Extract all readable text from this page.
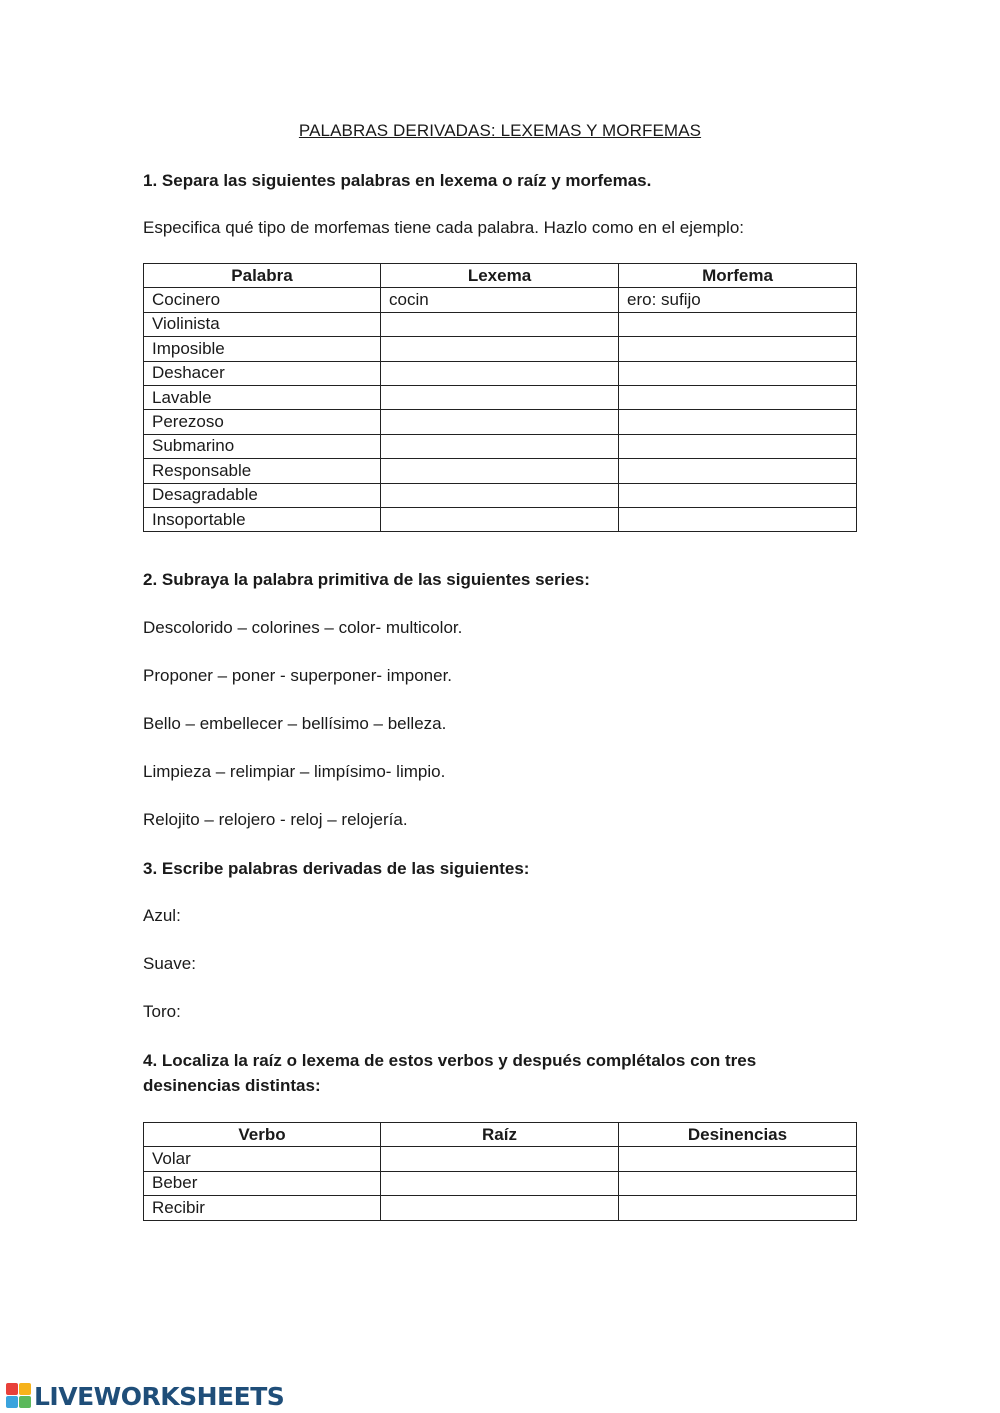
PALABRAS DERIVADAS: LEXEMAS Y MORFEMAS
1. Separa las siguientes palabras en lexema o raíz y morfemas.
Especifica qué tipo de morfemas tiene cada palabra. Hazlo como en el ejemplo:
Palabra	Lexema	Morfema
Cocinero	cocin	ero: sufijo
Violinista		
Imposible		
Deshacer		
Lavable		
Perezoso		
Submarino		
Responsable		
Desagradable		
Insoportable		
2. Subraya la palabra primitiva de las siguientes series:
Descolorido – colorines – color- multicolor.
Proponer – poner - superponer- imponer.
Bello – embellecer – bellísimo – belleza.
Limpieza – relimpiar – limpísimo- limpio.
Relojito – relojero - reloj – relojería.
3. Escribe palabras derivadas de las siguientes:
Azul:
Suave:
Toro:
4. Localiza la raíz o lexema de estos verbos y después complétalos con tres
desinencias distintas:
Verbo	Raíz	Desinencias
Volar		
Beber		
Recibir		
LIVEWORKSHEETS
